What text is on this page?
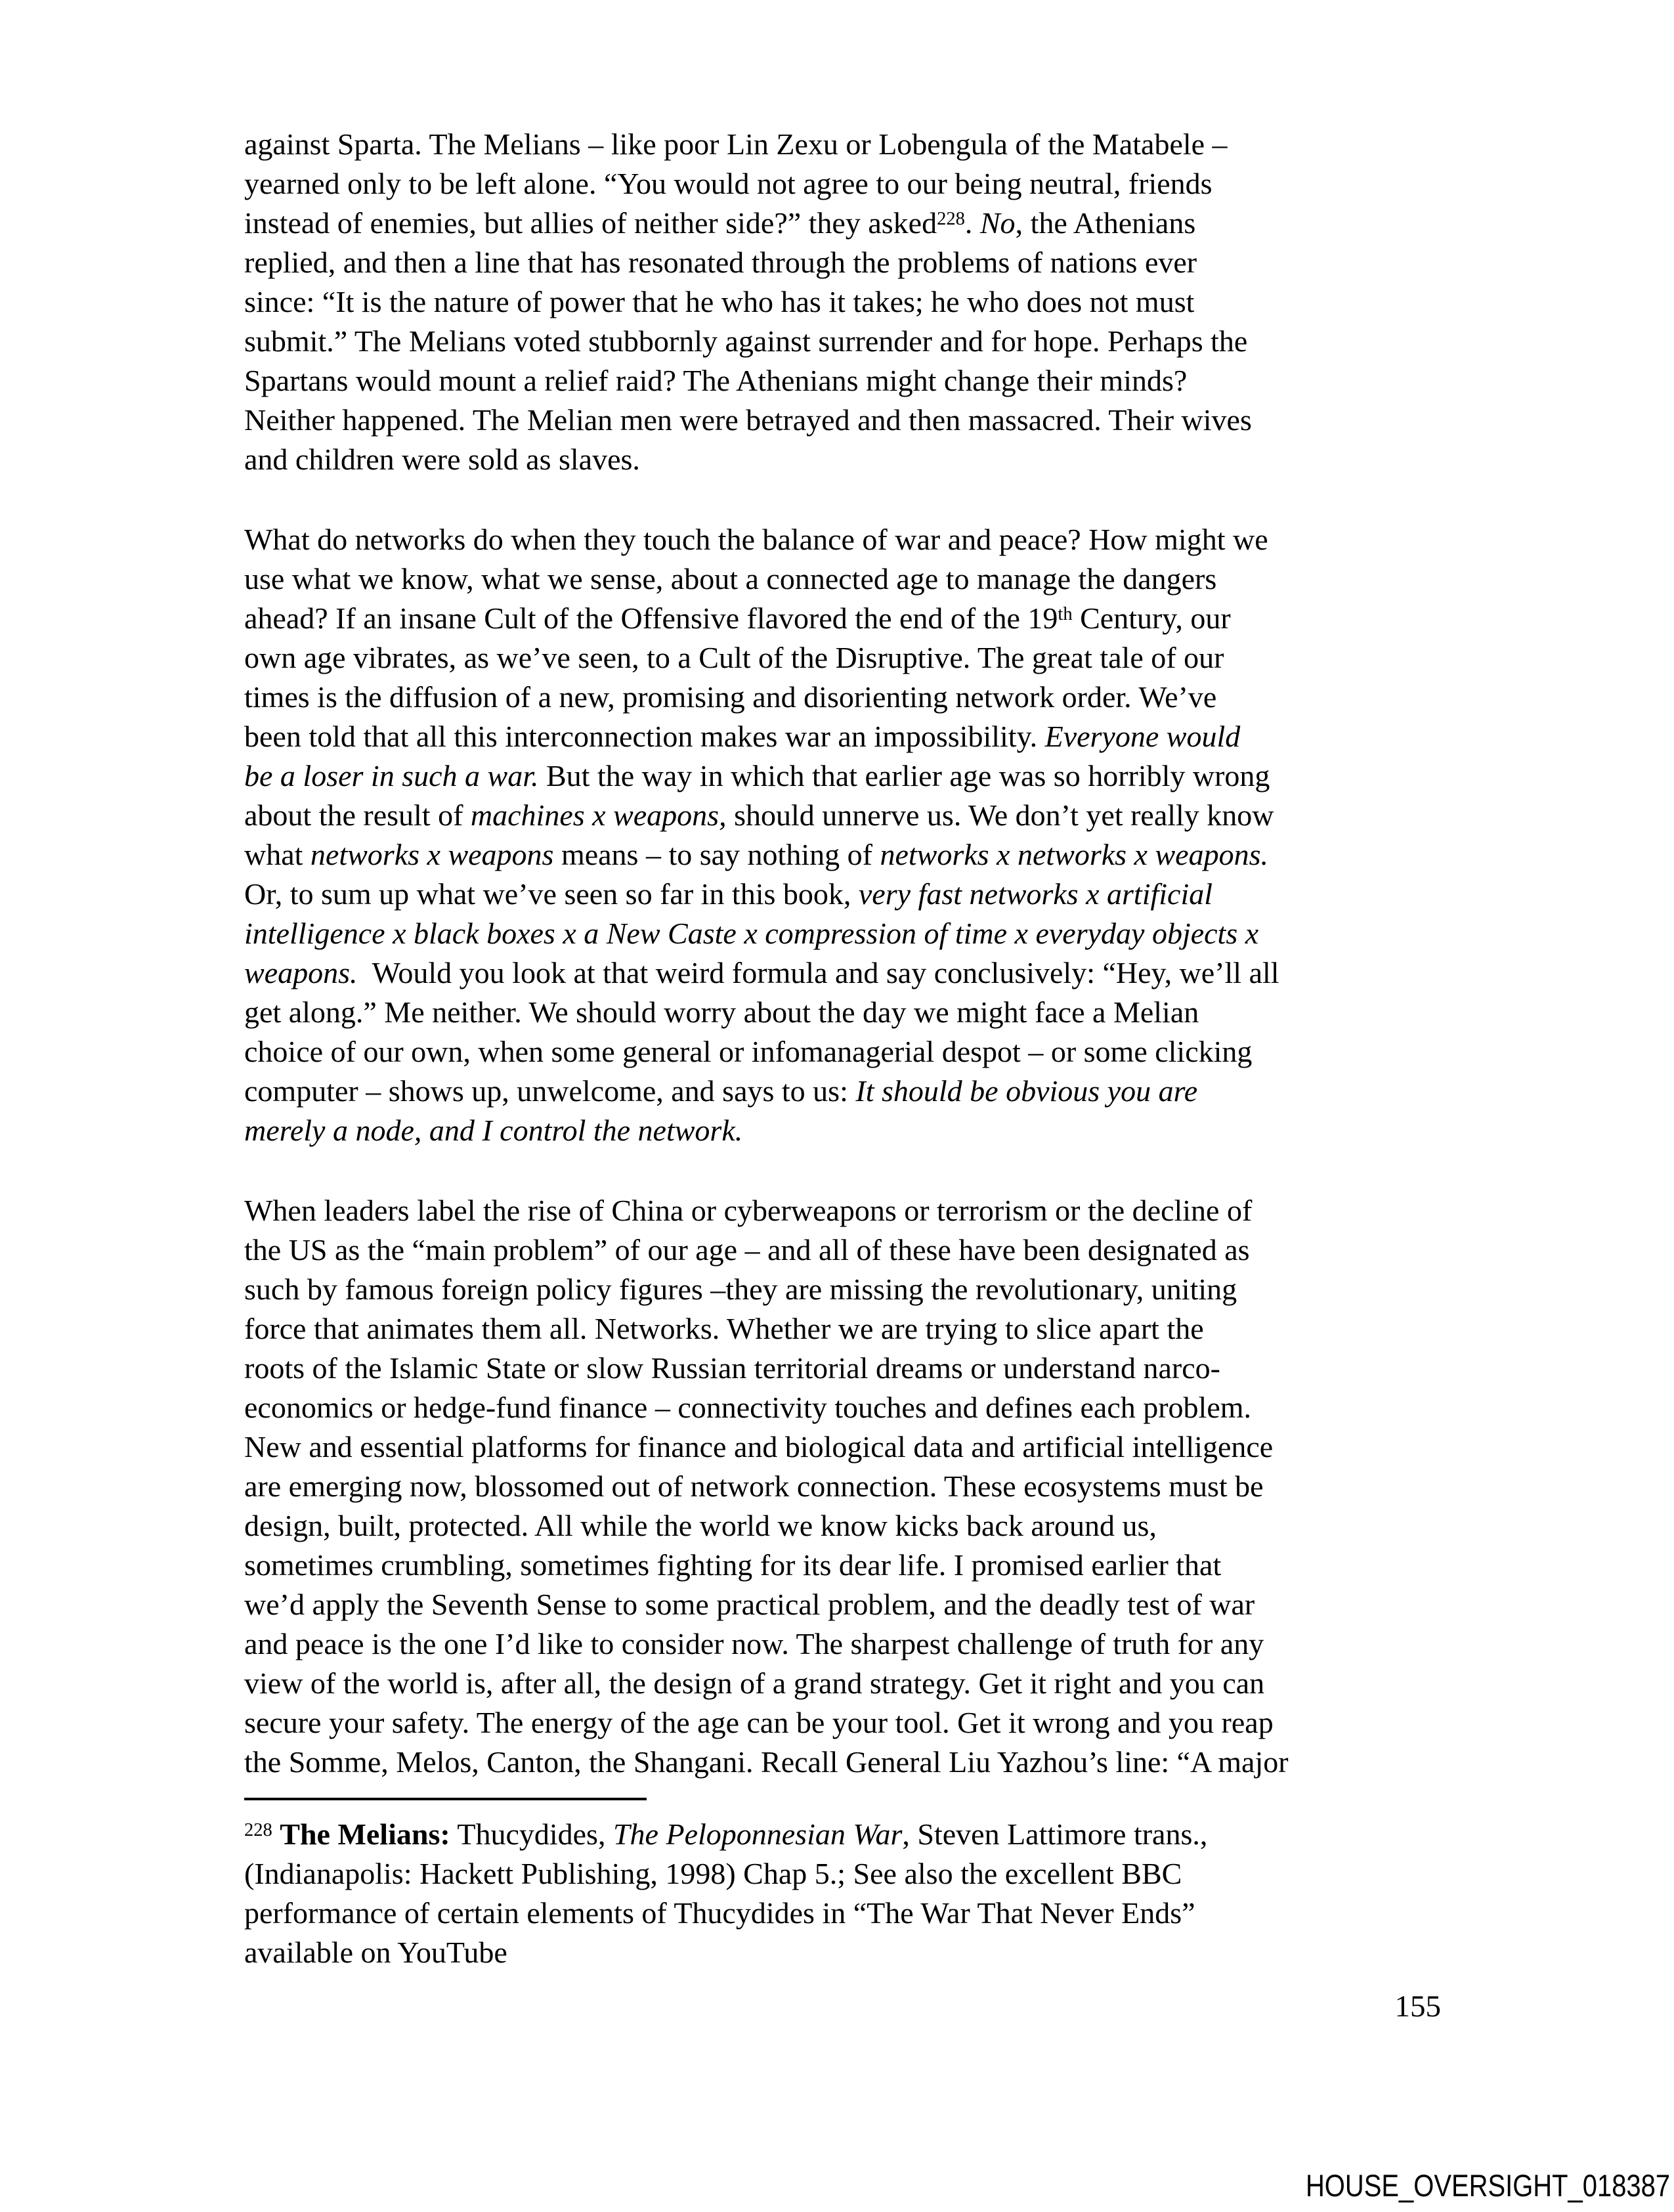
against Sparta. The Melians – like poor Lin Zexu or Lobengula of the Matabele –
yearned only to be left alone. “You would not agree to our being neutral, friends
instead of enemies, but allies of neither side?” they asked$^{228}$. No, the Athenians
replied, and then a line that has resonated through the problems of nations ever
since: “It is the nature of power that he who has it takes; he who does not must
submit.” The Melians voted stubbornly against surrender and for hope. Perhaps the
Spartans would mount a relief raid? The Athenians might change their minds?
Neither happened. The Melian men were betrayed and then massacred. Their wives
and children were sold as slaves.
What do networks do when they touch the balance of war and peace? How might we
use what we know, what we sense, about a connected age to manage the dangers
ahead? If an insane Cult of the Offensive flavored the end of the 19th Century, our
own age vibrates, as we’ve seen, to a Cult of the Disruptive. The great tale of our
times is the diffusion of a new, promising and disorienting network order. We’ve
been told that all this interconnection makes war an impossibility. Everyone would
be a loser in such a war. But the way in which that earlier age was so horribly wrong
about the result of machines x weapons, should unnerve us. We don’t yet really know
what networks x weapons means – to say nothing of networks x networks x weapons.
Or, to sum up what we’ve seen so far in this book, very fast networks x artificial
intelligence x black boxes x a New Caste x compression of time x everyday objects x
weapons.  Would you look at that weird formula and say conclusively: “Hey, we’ll all
get along.” Me neither. We should worry about the day we might face a Melian
choice of our own, when some general or infomanagerial despot – or some clicking
computer – shows up, unwelcome, and says to us: It should be obvious you are
merely a node, and I control the network.
When leaders label the rise of China or cyberweapons or terrorism or the decline of
the US as the “main problem” of our age – and all of these have been designated as
such by famous foreign policy figures –they are missing the revolutionary, uniting
force that animates them all. Networks. Whether we are trying to slice apart the
roots of the Islamic State or slow Russian territorial dreams or understand narco-
economics or hedge-fund finance – connectivity touches and defines each problem.
New and essential platforms for finance and biological data and artificial intelligence
are emerging now, blossomed out of network connection. These ecosystems must be
design, built, protected. All while the world we know kicks back around us,
sometimes crumbling, sometimes fighting for its dear life. I promised earlier that
we’d apply the Seventh Sense to some practical problem, and the deadly test of war
and peace is the one I’d like to consider now. The sharpest challenge of truth for any
view of the world is, after all, the design of a grand strategy. Get it right and you can
secure your safety. The energy of the age can be your tool. Get it wrong and you reap
the Somme, Melos, Canton, the Shangani. Recall General Liu Yazhou’s line: “A major
$^{228}$ The Melians: Thucydides, The Peloponnesian War, Steven Lattimore trans.,
(Indianapolis: Hackett Publishing, 1998) Chap 5.; See also the excellent BBC
performance of certain elements of Thucydides in “The War That Never Ends”
available on YouTube
155
HOUSE_OVERSIGHT_018387
